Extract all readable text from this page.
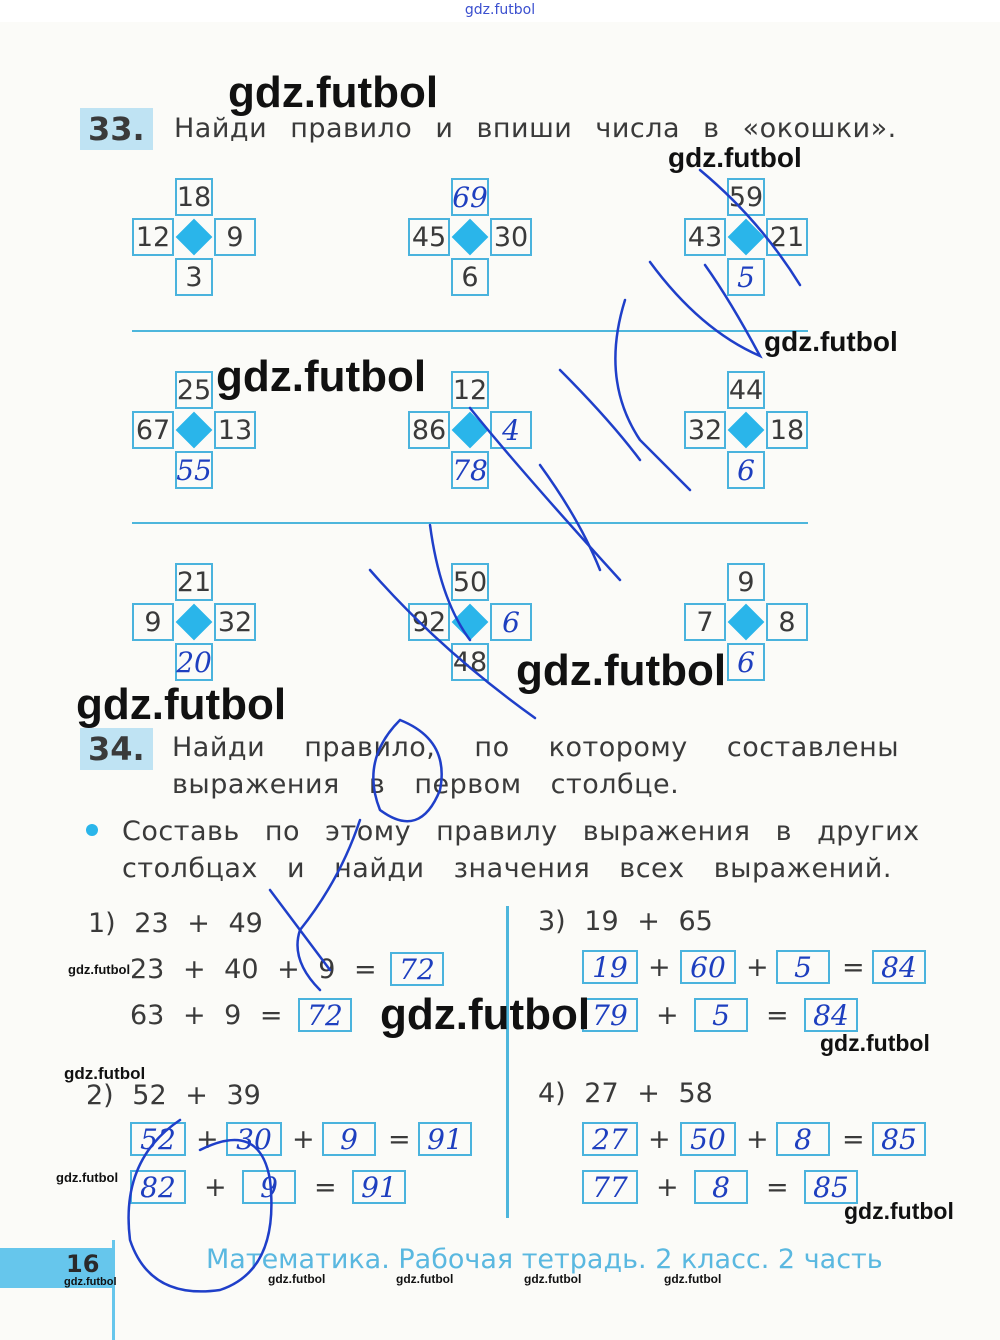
gdz.futbol
33. Найди правило и впиши числа в «окошки».
18
12 9
3
69
45 30
6
59
43 21
5
25
67 13
55
12
86 4
78
44
32 18
6
21
9 32
20
50
92 6
48
9
7 8
6
34. Найди правило, по которому составлены
выражения в первом столбце.
Составь по этому правилу выражения в других
столбцах и найди значения всех выражений.
1) 23 + 49
23 + 40 + 9 = 72
63 + 9 = 72
2) 52 + 39
52 + 30 + 9 = 91
82 + 9 = 91
3) 19 + 65
19 + 60 + 5 = 84
79 + 5 = 84
4) 27 + 58
27 + 50 + 8 = 85
77 + 8 = 85
16	Математика. Рабочая тетрадь. 2 класс. 2 часть
gdz.futbol
gdz.futbol
gdz.futbol
gdz.futbol
gdz.futbol
gdz.futbol
gdz.futbol
gdz.futbol
gdz.futbol
gdz.futbol
gdz.futbol
gdz.futbol
gdz.futbol	gdz.futbol	gdz.futbol	gdz.futbol	gdz.futbol
